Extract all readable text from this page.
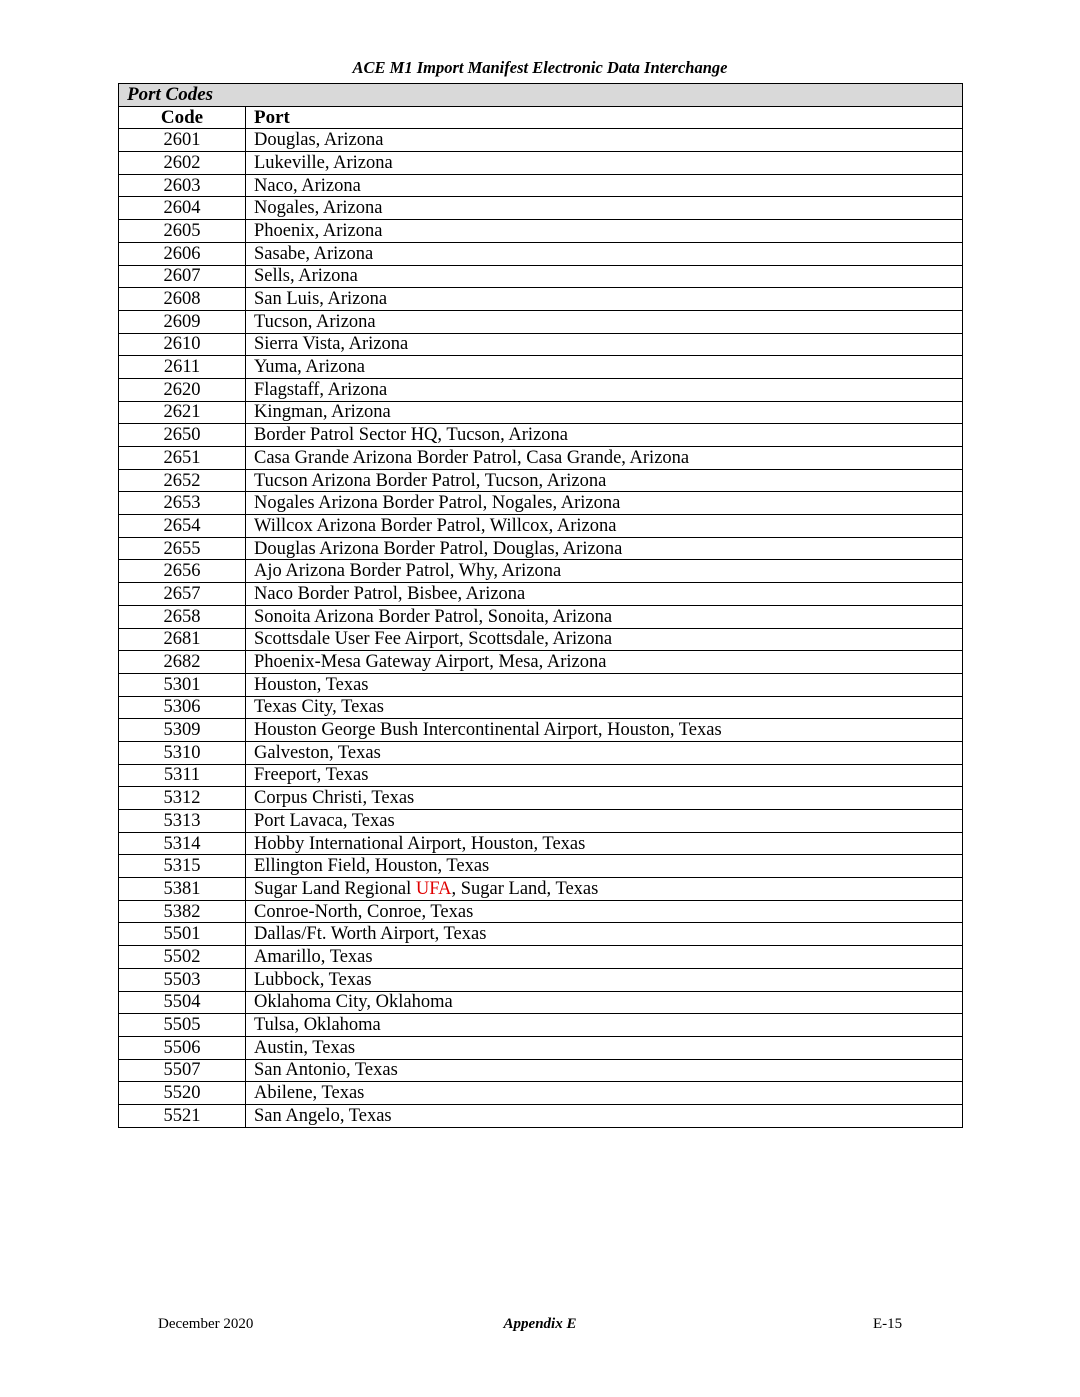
ACE M1 Import Manifest Electronic Data Interchange
Port Codes	
Code	Port
2601	Douglas, Arizona
2602	Lukeville, Arizona
2603	Naco, Arizona
2604	Nogales, Arizona
2605	Phoenix, Arizona
2606	Sasabe, Arizona
2607	Sells, Arizona
2608	San Luis, Arizona
2609	Tucson, Arizona
2610	Sierra Vista, Arizona
2611	Yuma, Arizona
2620	Flagstaff, Arizona
2621	Kingman, Arizona
2650	Border Patrol Sector HQ, Tucson, Arizona
2651	Casa Grande Arizona Border Patrol, Casa Grande, Arizona
2652	Tucson Arizona Border Patrol, Tucson, Arizona
2653	Nogales Arizona Border Patrol, Nogales, Arizona
2654	Willcox Arizona Border Patrol, Willcox, Arizona
2655	Douglas Arizona Border Patrol, Douglas, Arizona
2656	Ajo Arizona Border Patrol, Why, Arizona
2657	Naco Border Patrol, Bisbee, Arizona
2658	Sonoita Arizona Border Patrol, Sonoita, Arizona
2681	Scottsdale User Fee Airport, Scottsdale, Arizona
2682	Phoenix-Mesa Gateway Airport, Mesa, Arizona
5301	Houston, Texas
5306	Texas City, Texas
5309	Houston George Bush Intercontinental Airport, Houston, Texas
5310	Galveston, Texas
5311	Freeport, Texas
5312	Corpus Christi, Texas
5313	Port Lavaca, Texas
5314	Hobby International Airport, Houston, Texas
5315	Ellington Field, Houston, Texas
5381	Sugar Land Regional UFA, Sugar Land, Texas
5382	Conroe-North, Conroe, Texas
5501	Dallas/Ft. Worth Airport, Texas
5502	Amarillo, Texas
5503	Lubbock, Texas
5504	Oklahoma City, Oklahoma
5505	Tulsa, Oklahoma
5506	Austin, Texas
5507	San Antonio, Texas
5520	Abilene, Texas
5521	San Angelo, Texas
December 2020	Appendix E	E-15
